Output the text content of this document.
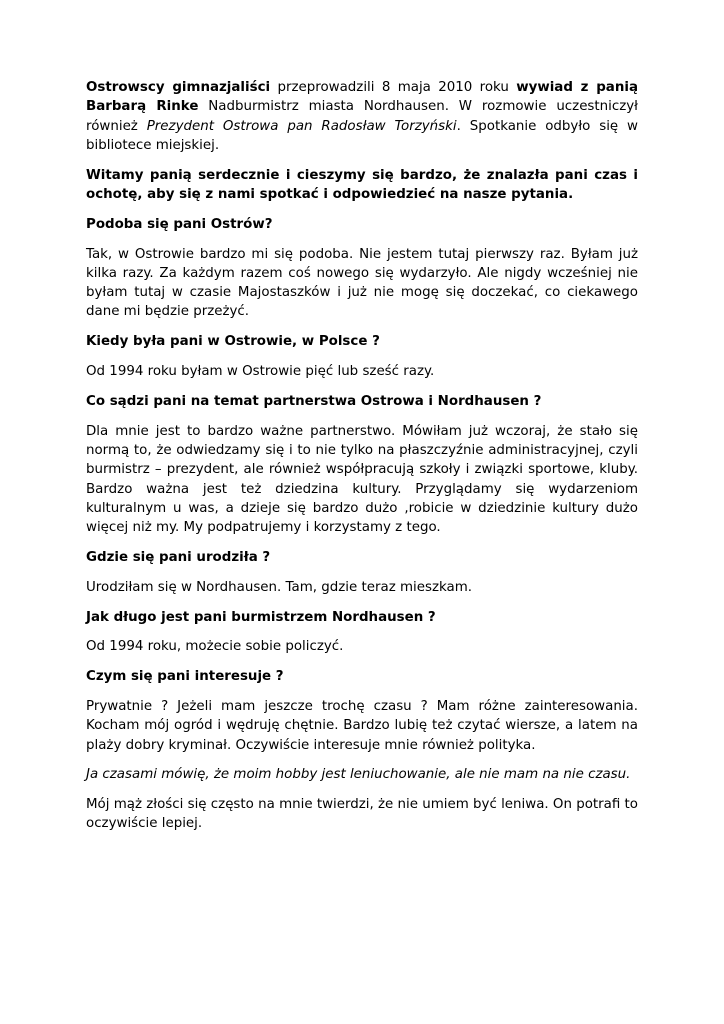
Ostrowscy gimnazjaliści przeprowadzili 8 maja 2010 roku wywiad z panią Barbarą Rinke Nadburmistrz miasta Nordhausen. W rozmowie uczestniczył również Prezydent Ostrowa pan Radosław Torzyński. Spotkanie odbyło się w bibliotece miejskiej.

Witamy panią serdecznie i cieszymy się bardzo, że znalazła pani czas i ochotę, aby się z nami spotkać i odpowiedzieć na nasze pytania.

Podoba się pani Ostrów?

Tak, w Ostrowie bardzo mi się podoba. Nie jestem tutaj pierwszy raz. Byłam już kilka razy. Za każdym razem coś nowego się wydarzyło. Ale nigdy wcześniej nie byłam tutaj w czasie Majostaszków i już nie mogę się doczekać, co ciekawego dane mi będzie przeżyć.

Kiedy była pani w Ostrowie, w Polsce ?

Od 1994 roku byłam w Ostrowie pięć lub sześć razy.

Co sądzi pani na temat partnerstwa Ostrowa i Nordhausen ?

Dla mnie jest to bardzo ważne partnerstwo. Mówiłam już wczoraj, że stało się normą to, że odwiedzamy się i to nie tylko na płaszczyźnie administracyjnej, czyli burmistrz – prezydent, ale również współpracują szkoły i związki sportowe, kluby. Bardzo ważna jest też dziedzina kultury. Przyglądamy się wydarzeniom kulturalnym u was, a dzieje się bardzo dużo ,robicie w dziedzinie kultury dużo więcej niż my. My podpatrujemy i korzystamy z tego.

Gdzie się pani urodziła ?

Urodziłam się w Nordhausen. Tam, gdzie teraz mieszkam.

Jak długo jest pani burmistrzem Nordhausen ?

Od 1994 roku, możecie sobie policzyć.

Czym się pani interesuje ?

Prywatnie ? Jeżeli mam jeszcze trochę czasu ? Mam różne zainteresowania. Kocham mój ogród i wędruję chętnie. Bardzo lubię też czytać wiersze, a latem na plaży dobry kryminał. Oczywiście interesuje mnie również polityka.

Ja czasami mówię, że moim hobby jest leniuchowanie, ale nie mam na nie czasu.

Mój mąż złości się często na mnie twierdzi, że nie umiem być leniwa. On potrafi to oczywiście lepiej.
